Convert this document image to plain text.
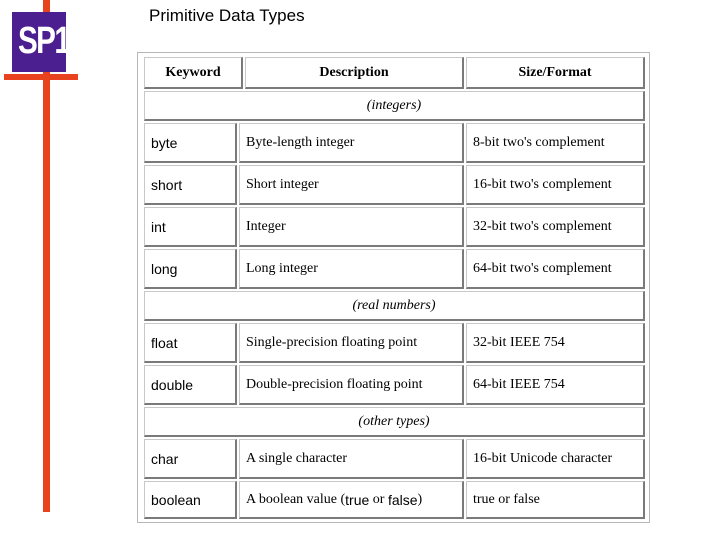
SP1
Primitive Data Types
Keyword	Description	Size/Format
(integers)
byte	Byte-length integer	8-bit two's complement
short	Short integer	16-bit two's complement
int	Integer	32-bit two's complement
long	Long integer	64-bit two's complement
(real numbers)
float	Single-precision floating point	32-bit IEEE 754
double	Double-precision floating point	64-bit IEEE 754
(other types)
char	A single character	16-bit Unicode character
boolean	A boolean value ( true or false )	true or false
